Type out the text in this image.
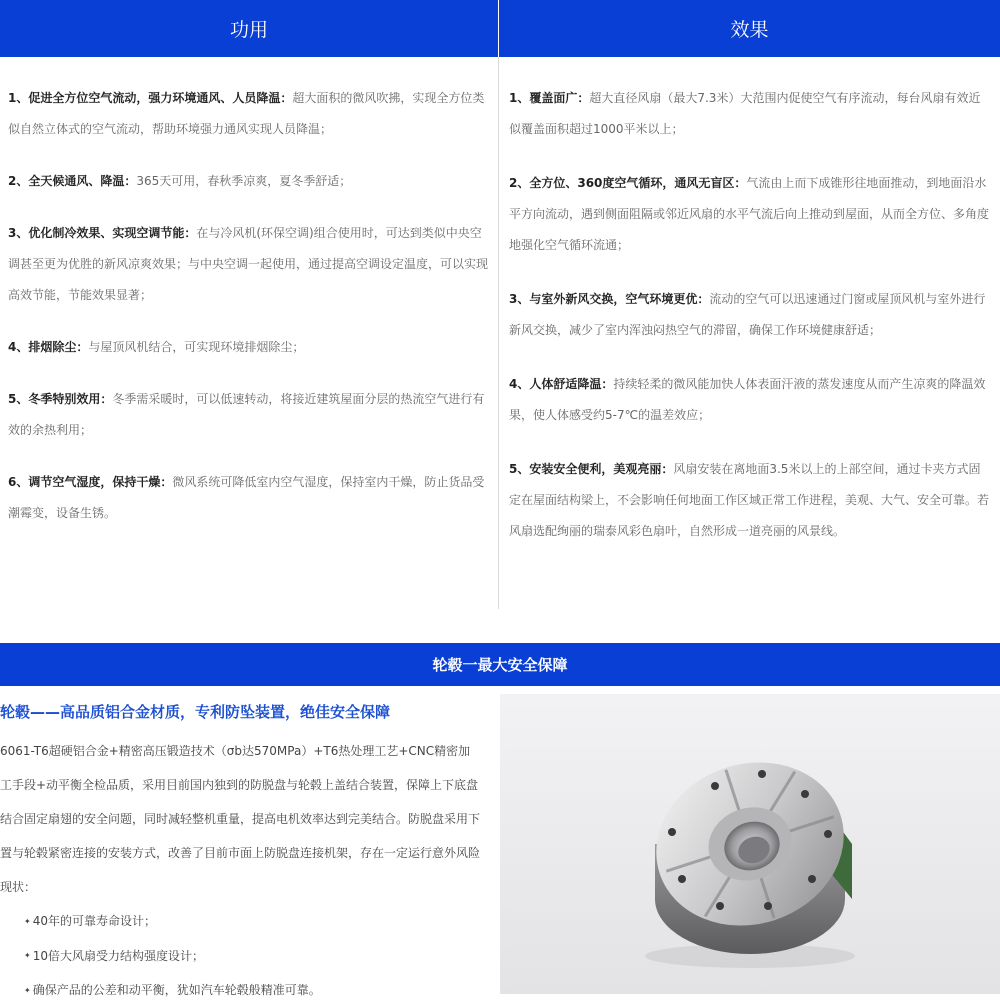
功用	效果

1、促进全方位空气流动，强力环境通风、人员降温：超大面积的微风吹拂，实现全方位类似自然立体式的空气流动，帮助环境强力通风实现人员降温；

2、全天候通风、降温：365天可用，春秋季凉爽，夏冬季舒适；

3、优化制冷效果、实现空调节能：在与冷风机(环保空调)组合使用时，可达到类似中央空调甚至更为优胜的新风凉爽效果；与中央空调一起使用，通过提高空调设定温度，可以实现高效节能，节能效果显著；

4、排烟除尘：与屋顶风机结合，可实现环境排烟除尘；

5、冬季特别效用：冬季需采暖时，可以低速转动，将接近建筑屋面分层的热流空气进行有效的余热利用；

6、调节空气湿度，保持干燥：微风系统可降低室内空气湿度，保持室内干燥，防止货品受潮霉变，设备生锈。

1、覆盖面广：超大直径风扇（最大7.3米）大范围内促使空气有序流动，每台风扇有效近似覆盖面积超过1000平米以上；

2、全方位、360度空气循环，通风无盲区：气流由上而下成锥形往地面推动，到地面沿水平方向流动，遇到侧面阻隔或邻近风扇的水平气流后向上推动到屋面，从而全方位、多角度地强化空气循环流通；

3、与室外新风交换，空气环境更优：流动的空气可以迅速通过门窗或屋顶风机与室外进行新风交换，减少了室内浑浊闷热空气的滞留，确保工作环境健康舒适；

4、人体舒适降温：持续轻柔的微风能加快人体表面汗液的蒸发速度从而产生凉爽的降温效果，使人体感受约5-7℃的温差效应；

5、安装安全便利，美观亮丽：风扇安装在离地面3.5米以上的上部空间，通过卡夹方式固定在屋面结构梁上，不会影响任何地面工作区域正常工作进程，美观、大气、安全可靠。若风扇选配绚丽的瑞泰风彩色扇叶，自然形成一道亮丽的风景线。

轮毂一最大安全保障
轮毂——高品质铝合金材质，专利防坠装置，绝佳安全保障

6061-T6超硬铝合金+精密高压锻造技术（σb达570MPa）+T6热处理工艺+CNC精密加工手段+动平衡全检品质，采用目前国内独到的防脱盘与轮毂上盖结合装置，保障上下底盘结合固定扇翅的安全问题，同时减轻整机重量，提高电机效率达到完美结合。防脱盘采用下置与轮毂紧密连接的安装方式，改善了目前市面上防脱盘连接机架，存在一定运行意外风险现状：

✦ 40年的可靠寿命设计；
✦ 10倍大风扇受力结构强度设计；
✦ 确保产品的公差和动平衡，犹如汽车轮毂般精准可靠。
